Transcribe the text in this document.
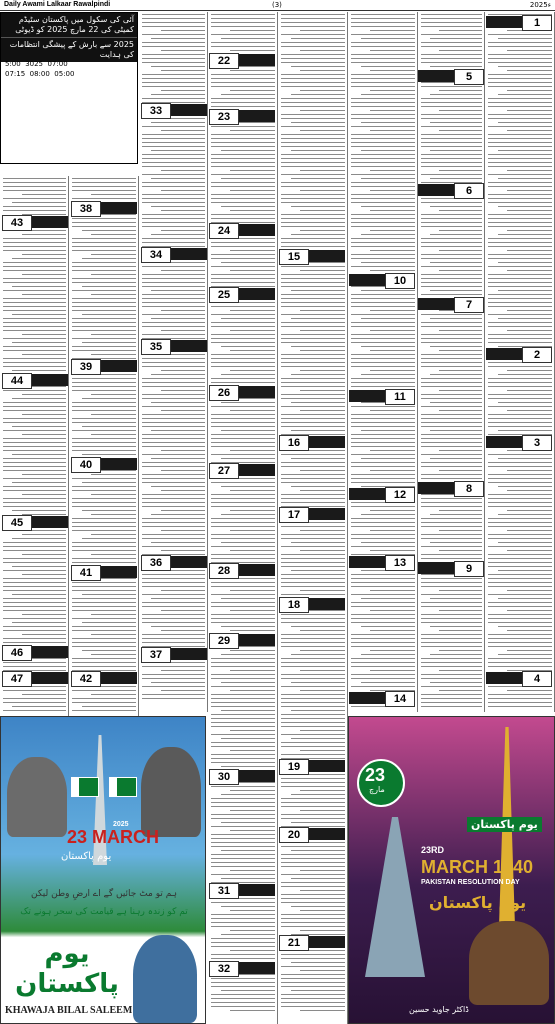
Daily Awami Lalkaar Rawalpindi	(3)	2025ء
آئی کی سکول میں پاکستان سٹیڈم کمیٹی کی 22 مارچ 2025 کو ڈیوٹی
2025 سے بارش کے پیشگی انتظامات کی ہدایت
5:00 3025 07:00
07:15 08:00 05:00
23 MARCH
2025
یوم پاکستان
ہم تو مٹ جائیں گے اے ارضِ وطن لیکن
تم کو زندہ رہنا ہے قیامت کی سحر ہونے تک
یوم پاکستان
KHAWAJA BILAL SALEEM
23
مارچ
یوم پاکستان
23RD
MARCH 1940
PAKISTAN RESOLUTION DAY
یوم پاکستان
ڈاکٹر جاوید حسین
1
5
6
7
2
3
8
9
4
10
11
12
13
14
15
16
17
18
19
20
21
22
23
24
25
26
27
28
29
30
31
32
33
34
35
36
37
38
39
40
41
42
43
44
45
46
47
